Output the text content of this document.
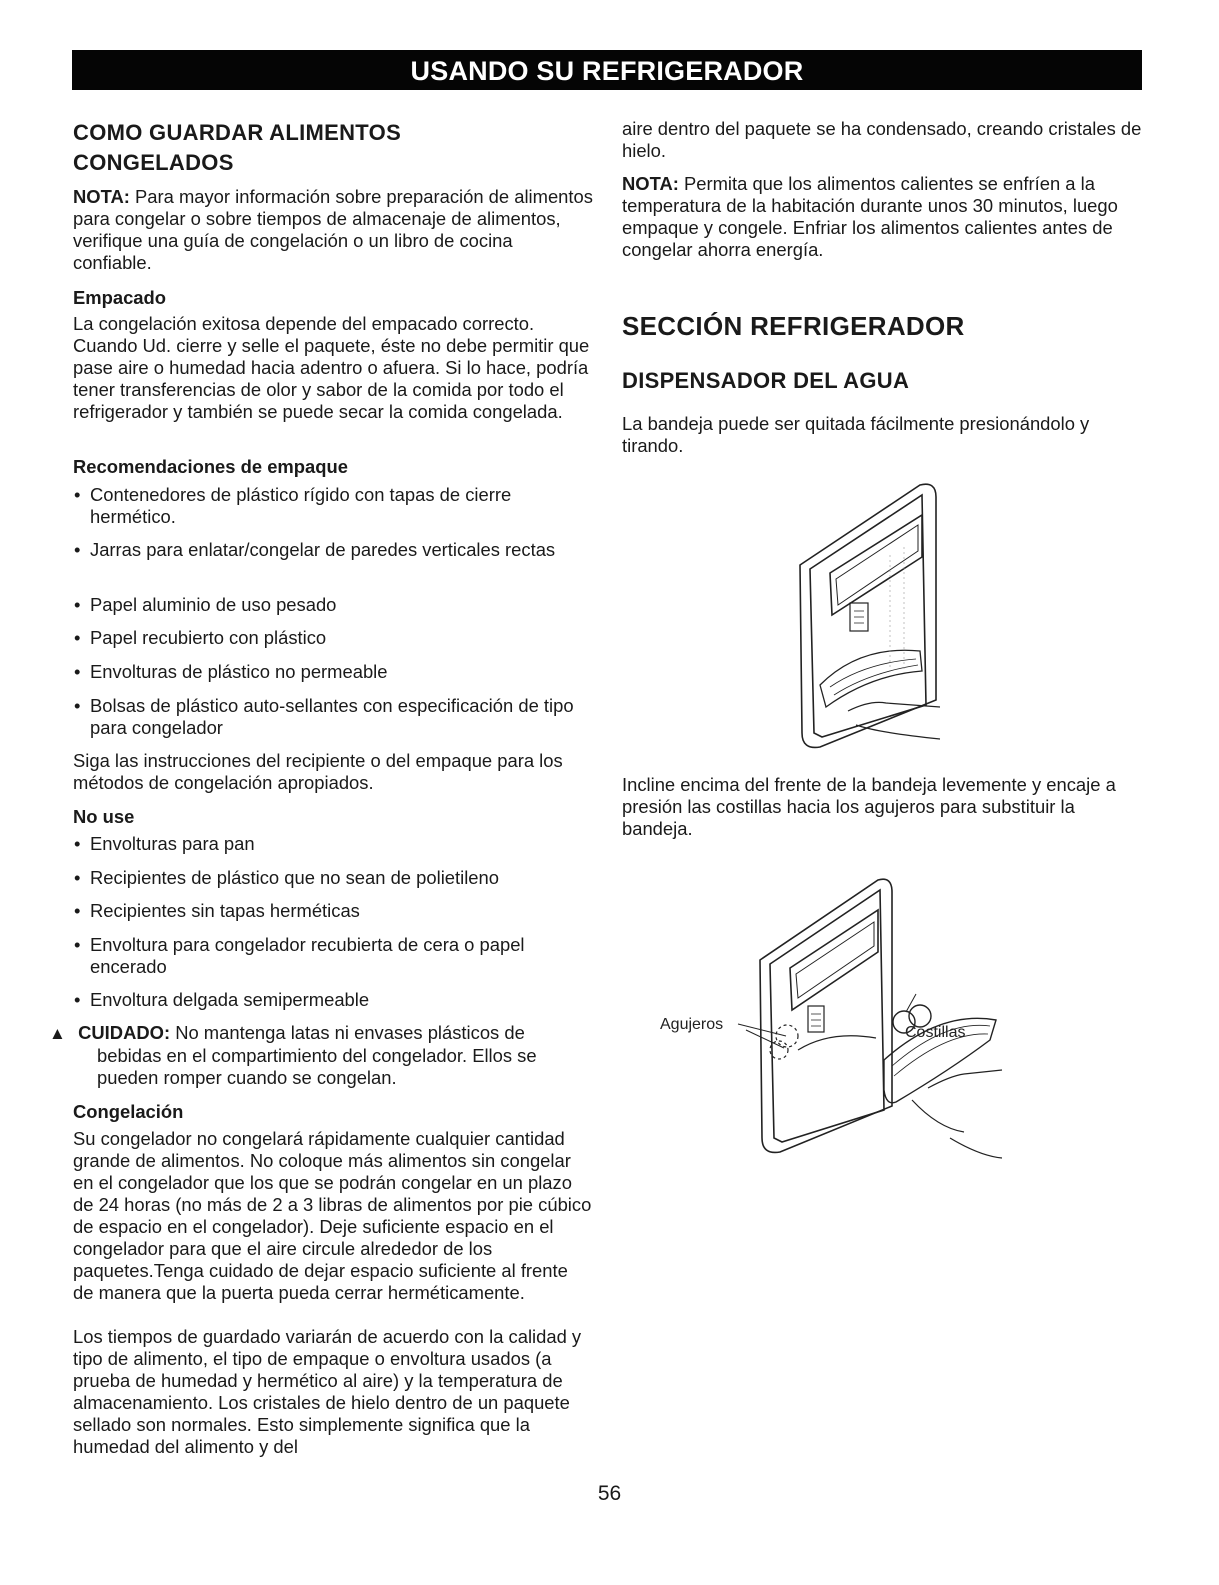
USANDO SU REFRIGERADOR
COMO GUARDAR ALIMENTOS
CONGELADOS

NOTA: Para mayor información sobre preparación de alimentos para congelar o sobre tiempos de almacenaje de alimentos, verifique una guía de congelación o un libro de cocina confiable.

Empacado

La congelación exitosa depende del empacado correcto. Cuando Ud. cierre y selle el paquete, éste no debe permitir que pase aire o humedad hacia adentro o afuera. Si lo hace, podría tener transferencias de olor y sabor de la comida por todo el refrigerador y también se puede secar la comida congelada.

Recomendaciones de empaque
• Contenedores de plástico rígido con tapas de cierre hermético.
• Jarras para enlatar/congelar de paredes verticales rectas
• Papel aluminio de uso pesado
• Papel recubierto con plástico
• Envolturas de plástico no permeable
• Bolsas de plástico auto-sellantes con especificación de tipo para congelador

Siga las instrucciones del recipiente o del empaque para los métodos de congelación apropiados.

No use
• Envolturas para pan
• Recipientes de plástico que no sean de polietileno
• Recipientes sin tapas herméticas
• Envoltura para congelador recubierta de cera o papel encerado
• Envoltura delgada semipermeable

▲ CUIDADO: No mantenga latas ni envases plásticos de bebidas en el compartimiento del congelador. Ellos se pueden romper cuando se congelan.

Congelación

Su congelador no congelará rápidamente cualquier cantidad grande de alimentos. No coloque más alimentos sin congelar en el congelador que los que se podrán congelar en un plazo de 24 horas (no más de 2 a 3 libras de alimentos por pie cúbico de espacio en el congelador). Deje suficiente espacio en el congelador para que el aire circule alrededor de los paquetes.Tenga cuidado de dejar espacio suficiente al frente de manera que la puerta pueda cerrar herméticamente.

Los tiempos de guardado variarán de acuerdo con la calidad y tipo de alimento, el tipo de empaque o envoltura usados (a prueba de humedad y hermético al aire) y la temperatura de almacenamiento. Los cristales de hielo dentro de un paquete sellado son normales. Esto simplemente significa que la humedad del alimento y del

aire dentro del paquete se ha condensado, creando cristales de hielo.

NOTA: Permita que los alimentos calientes se enfríen a la temperatura de la habitación durante unos 30 minutos, luego empaque y congele. Enfriar los alimentos calientes antes de congelar ahorra energía.

SECCIÓN REFRIGERADOR
DISPENSADOR DEL AGUA

La bandeja puede ser quitada fácilmente presionándolo y tirando.

Incline encima del frente de la bandeja levemente y encaje a presión las costillas hacia los agujeros para substituir la bandeja.

Agujeros	Costillas
56
